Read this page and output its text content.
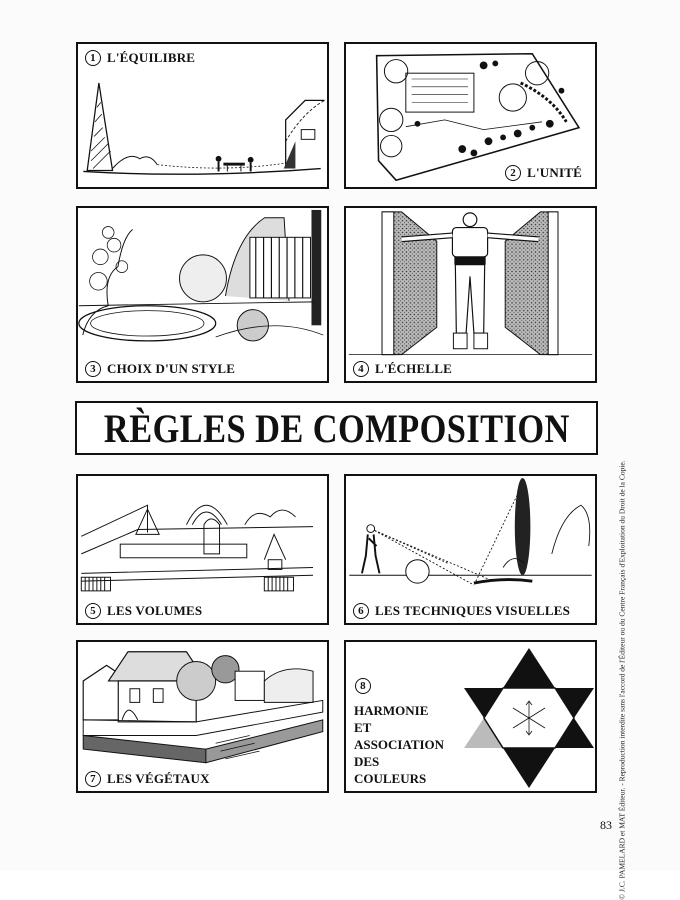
1 L'ÉQUILIBRE
2 L'UNITÉ
3 CHOIX D'UN STYLE	4 L'ÉCHELLE
RÈGLES DE COMPOSITION
5 LES VOLUMES	6 LES TECHNIQUES VISUELLES
7 LES VÉGÉTAUX
8
HARMONIE
ET
ASSOCIATION
DES
COULEURS	© J.C. PAMELARD et MAT Éditeur. - Reproduction interdite sans l'accord de l'Éditeur ou du Centre Français d'Exploitation du Droit de la Copie.
83
